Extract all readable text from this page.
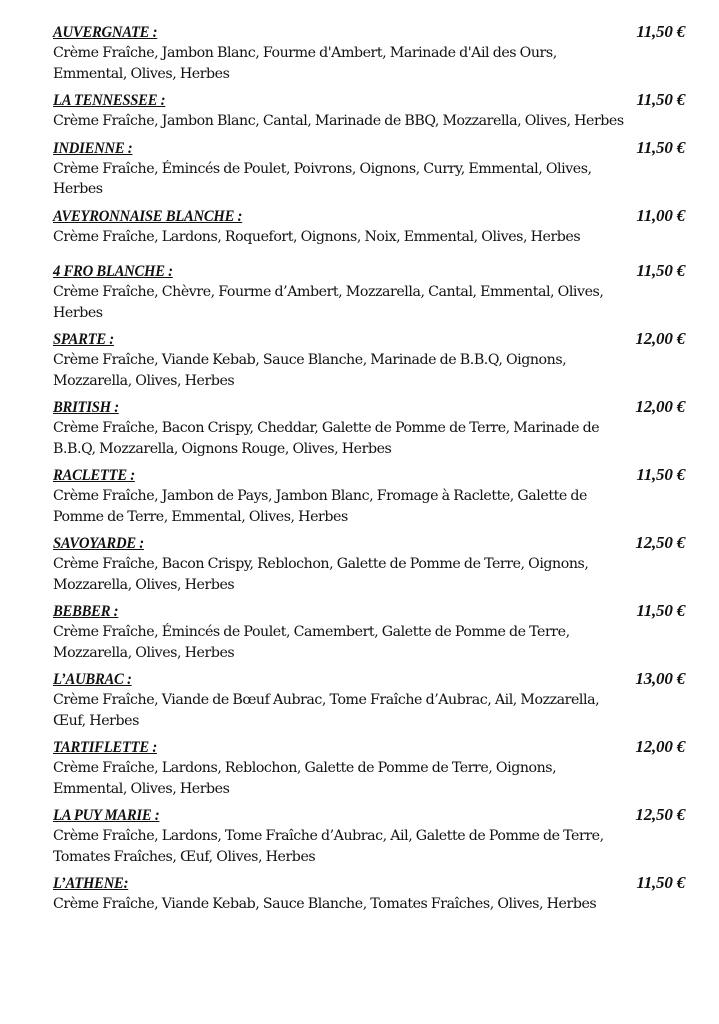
AUVERGNATE :	11,50 €
Crème Fraîche, Jambon Blanc, Fourme d'Ambert, Marinade d'Ail des Ours, Emmental, Olives, Herbes
LA TENNESSEE :	11,50 €
Crème Fraîche, Jambon Blanc, Cantal, Marinade de BBQ, Mozzarella, Olives, Herbes
INDIENNE :	11,50 €
Crème Fraîche, Émincés de Poulet, Poivrons, Oignons, Curry, Emmental, Olives, Herbes
AVEYRONNAISE BLANCHE :	11,00 €
Crème Fraîche, Lardons, Roquefort, Oignons, Noix, Emmental, Olives, Herbes
4 FRO BLANCHE :	11,50 €
Crème Fraîche, Chèvre, Fourme d’Ambert, Mozzarella, Cantal, Emmental, Olives, Herbes
SPARTE :	12,00 €
Crème Fraîche, Viande Kebab, Sauce Blanche, Marinade de B.B.Q, Oignons, Mozzarella, Olives, Herbes
BRITISH :	12,00 €
Crème Fraîche, Bacon Crispy, Cheddar, Galette de Pomme de Terre, Marinade de B.B.Q, Mozzarella, Oignons Rouge, Olives, Herbes
RACLETTE :	11,50 €
Crème Fraîche, Jambon de Pays, Jambon Blanc, Fromage à Raclette, Galette de Pomme de Terre, Emmental, Olives, Herbes
SAVOYARDE :	12,50 €
Crème Fraîche, Bacon Crispy, Reblochon, Galette de Pomme de Terre, Oignons, Mozzarella, Olives, Herbes
BEBBER :	11,50 €
Crème Fraîche, Émincés de Poulet, Camembert, Galette de Pomme de Terre, Mozzarella, Olives, Herbes
L’AUBRAC :	13,00 €
Crème Fraîche, Viande de Bœuf Aubrac, Tome Fraîche d’Aubrac, Ail, Mozzarella, Œuf, Herbes
TARTIFLETTE :	12,00 €
Crème Fraîche, Lardons, Reblochon, Galette de Pomme de Terre, Oignons, Emmental, Olives, Herbes
LA PUY MARIE :	12,50 €
Crème Fraîche, Lardons, Tome Fraîche d’Aubrac, Ail, Galette de Pomme de Terre, Tomates Fraîches, Œuf, Olives, Herbes
L’ATHENE:	11,50 €
Crème Fraîche, Viande Kebab, Sauce Blanche, Tomates Fraîches, Olives, Herbes
